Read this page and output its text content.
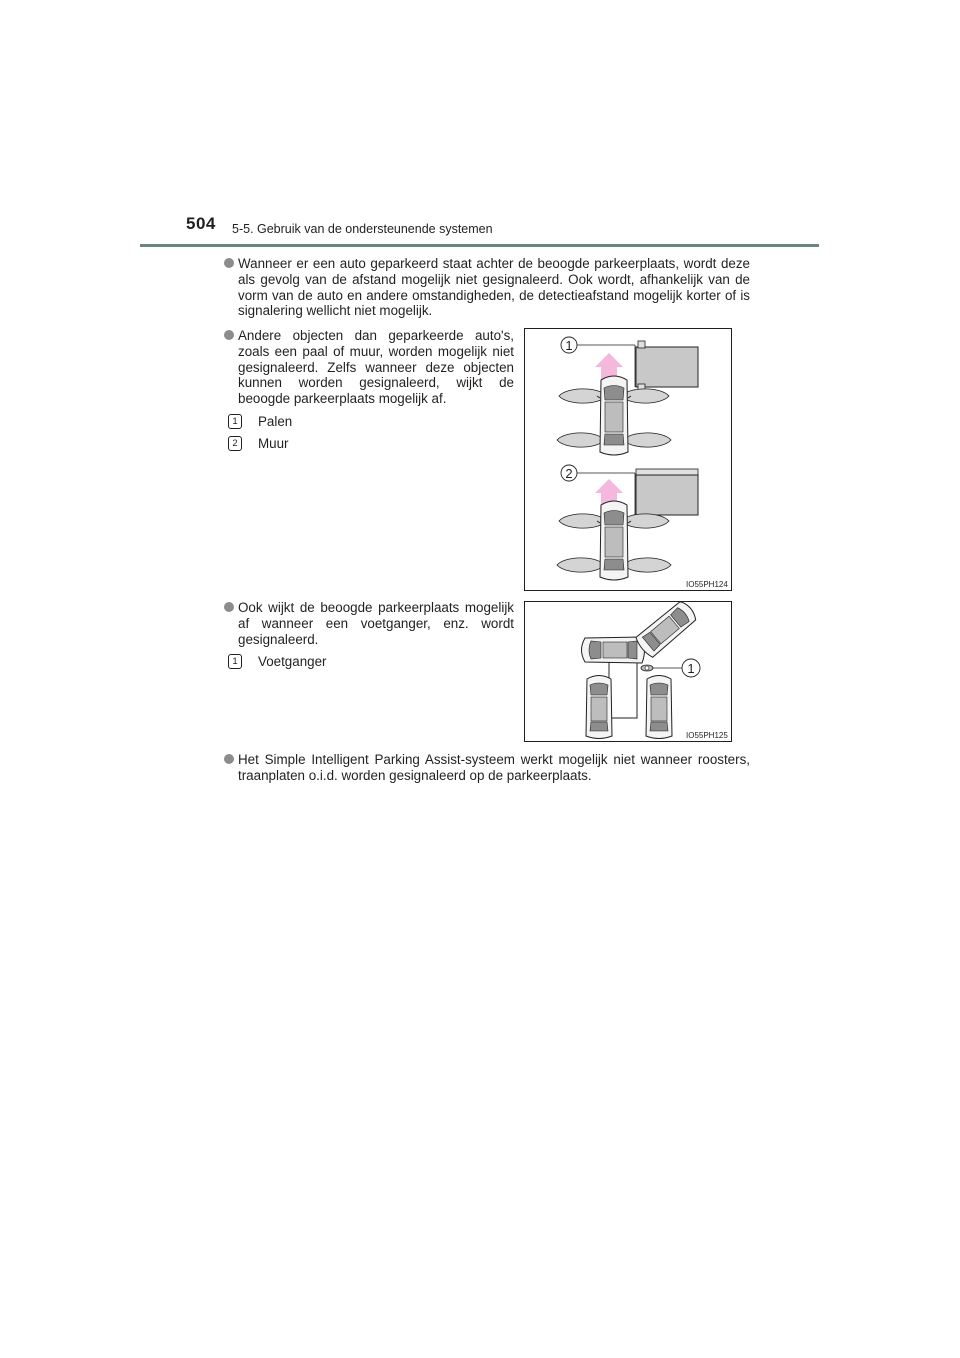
504 5-5. Gebruik van de ondersteunende systemen
Wanneer er een auto geparkeerd staat achter de beoogde parkeerplaats, wordt deze als gevolg van de afstand mogelijk niet gesignaleerd. Ook wordt, afhankelijk van de vorm van de auto en andere omstandigheden, de detectieafstand mogelijk korter of is signalering wellicht niet mogelijk.
Andere objecten dan geparkeerde auto's, zoals een paal of muur, worden mogelijk niet gesignaleerd. Zelfs wanneer deze objecten kunnen worden gesignaleerd, wijkt de beoogde parkeerplaats mogelijk af.
1	Palen
2	Muur
1
2
IO55PH124
Ook wijkt de beoogde parkeerplaats mogelijk af wanneer een voetganger, enz. wordt gesignaleerd.
1	Voetganger	1
IO55PH125
Het Simple Intelligent Parking Assist-systeem werkt mogelijk niet wanneer roosters, traanplaten o.i.d. worden gesignaleerd op de parkeerplaats.
